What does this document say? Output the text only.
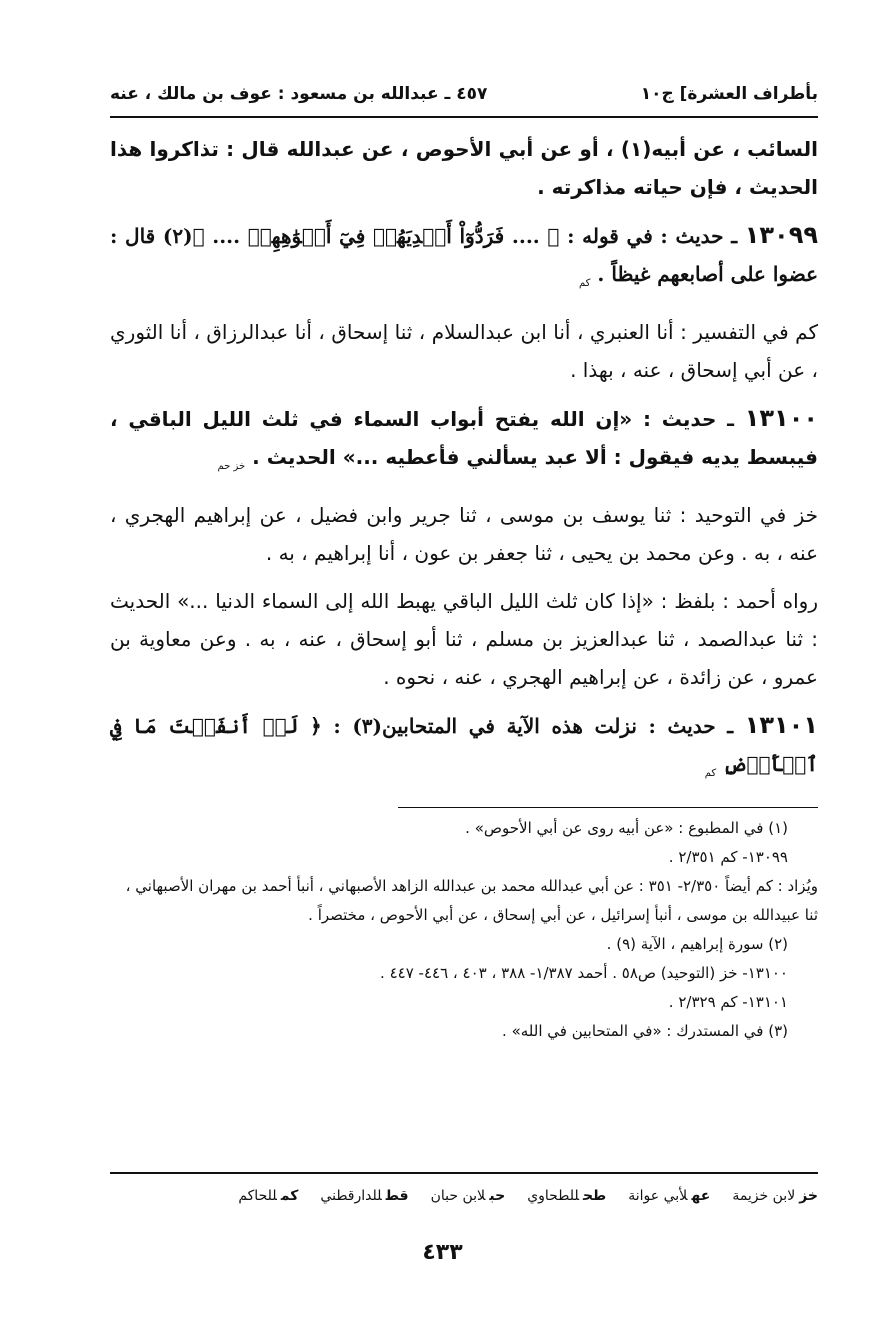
بأطراف العشرة] ج١٠
٤٥٧ ـ عبدالله بن مسعود : عوف بن مالك ، عنه

السائب ، عن أبيه(١) ، أو عن أبي الأحوص ، عن عبدالله قال : تذاكروا هذا الحديث ، فإن حياته مذاكرته .

١٣٠٩٩ ـ حديث : في قوله : ﴿ .... فَرَدُّوٓاْ أَيۡدِيَهُمۡ فِيٓ أَفۡوَٰهِهِمۡ .... ﴾(٢) قال : عضوا على أصابعهم غيظاً . $_{كم}$

كم في التفسير : أنا العنبري ، أنا ابن عبدالسلام ، ثنا إسحاق ، أنا عبدالرزاق ، أنا الثوري ، عن أبي إسحاق ، عنه ، بهذا .

١٣١٠٠ ـ حديث : «إن الله يفتح أبواب السماء في ثلث الليل الباقي ، فيبسط يديه فيقول : ألا عبد يسألني فأعطيه ...» الحديث . $_{خز حم}$

خز في التوحيد : ثنا يوسف بن موسى ، ثنا جرير وابن فضيل ، عن إبراهيم الهجري ، عنه ، به . وعن محمد بن يحيى ، ثنا جعفر بن عون ، أنا إبراهيم ، به .

رواه أحمد : بلفظ : «إذا كان ثلث الليل الباقي يهبط الله إلى السماء الدنيا ...» الحديث : ثنا عبدالصمد ، ثنا عبدالعزيز بن مسلم ، ثنا أبو إسحاق ، عنه ، به . وعن معاوية بن عمرو ، عن زائدة ، عن إبراهيم الهجري ، عنه ، نحوه .

١٣١٠١ ـ حديث : نزلت هذه الآية في المتحابين(٣) : ﴿ لَوۡ أَنفَقۡتَ مَا فِي ٱلۡأَرۡضِ $_{كم}$

(١) في المطبوع : «عن أبيه روى عن أبي الأحوص» .
١٣٠٩٩- كم ٢/٣٥١ .
ويُزاد : كم أيضاً ٢/٣٥٠- ٣٥١ : عن أبي عبدالله محمد بن عبدالله الزاهد الأصبهاني ، أنبأ أحمد بن مهران الأصبهاني ، ثنا عبيدالله بن موسى ، أنبأ إسرائيل ، عن أبي إسحاق ، عن أبي الأحوص ، مختصراً .
(٢) سورة إبراهيم ، الآية (٩) .
١٣١٠٠- خز (التوحيد) ص٥٨ . أحمد ١/٣٨٧- ٣٨٨ ، ٤٠٣ ، ٤٤٦- ٤٤٧ .
١٣١٠١- كم ٢/٣٢٩ .
(٣) في المستدرك : «في المتحابين في الله» .
خزلابن خزيمة
عهلأبي عوانة
طحللطحاوي
حبلابن حبان
قطللدارقطني
كمللحاكم
٤٣٣
